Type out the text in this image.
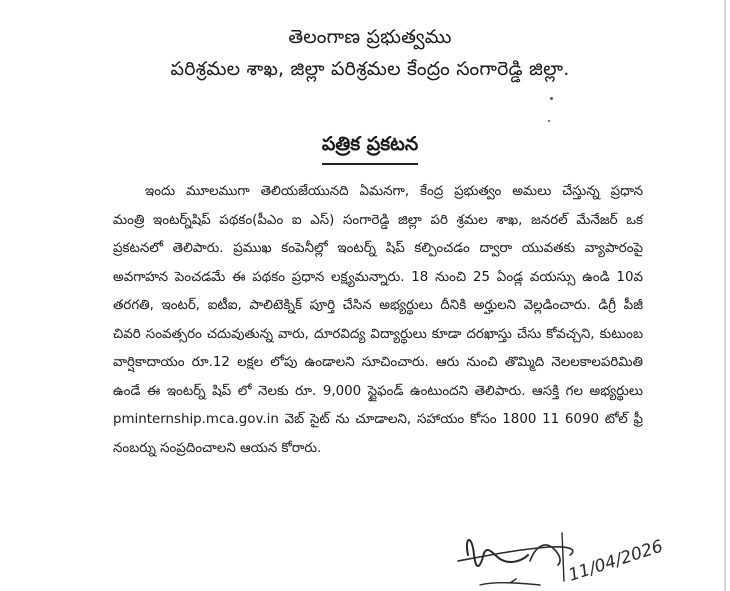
తెలంగాణ ప్రభుత్వము
పరిశ్రమల శాఖ, జిల్లా పరిశ్రమల కేంద్రం సంగారెడ్డి జిల్లా.
పత్రిక ప్రకటన
ఇందు మూలముగా తెలియజేయునది ఏమనగా, కేంద్ర ప్రభుత్వం అమలు చేస్తున్న ప్రధాన
మంత్రి ఇంటర్న్‌షిప్ పథకం(పీఎం ఐ ఎస్) సంగారెడ్డి జిల్లా పరి శ్రమల శాఖ, జనరల్ మేనేజర్ ఒక
ప్రకటనలో తెలిపారు. ప్రముఖ కంపెనీల్లో ఇంటర్న్ షిప్ కల్పించడం ద్వారా యువతకు వ్యాపారంపై
అవగాహన పెంచడమే ఈ పథకం ప్రధాన లక్ష్యమన్నారు. 18 నుంచి 25 ఏండ్ల వయస్సు ఉండి 10వ
తరగతి, ఇంటర్, ఐటీఐ, పాలిటెక్నిక్ పూర్తి చేసిన అభ్యర్థులు దీనికి అర్హులని వెల్లడించారు. డిగ్రీ పీజీ
చివరి సంవత్సరం చదువుతున్న వారు, దూరవిద్య విద్యార్థులు కూడా దరఖాస్తు చేసు కోవచ్చని, కుటుంబ
వార్షికాదాయం రూ.12 లక్షల లోపు ఉండాలని సూచించారు. ఆరు నుంచి తొమ్మిది నెలలకాలపరిమితి
ఉండే ఈ ఇంటర్న్ షిప్ లో నెలకు రూ. 9,000 స్టైఫండ్ ఉంటుందని తెలిపారు. ఆసక్తి గల అభ్యర్థులు
pminternship.mca.gov.in వెబ్ సైట్ ను చూడాలని, సహాయం కోసం 1800 11 6090 టోల్ ఫ్రీ
నంబర్ను సంప్రదించాలని ఆయన కోరారు.
11/04/2026
